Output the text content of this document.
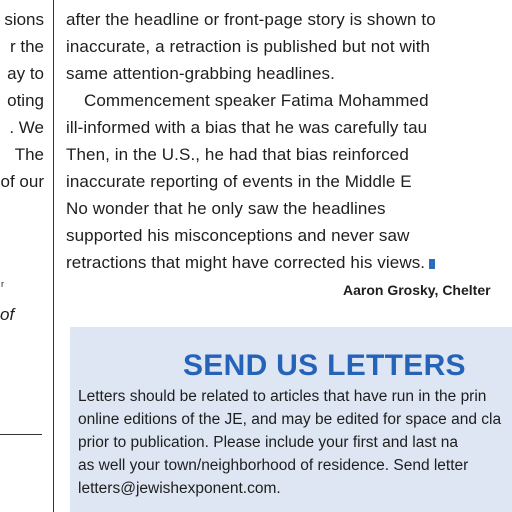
sions
r the
ay to
oting
. We
The
of our
r
of
after the headline or front-page story is shown to
inaccurate, a retraction is published but not with
same attention-grabbing headlines.
Commencement speaker Fatima Mohammed
ill-informed with a bias that he was carefully tau
Then, in the U.S., he had that bias reinforced
inaccurate reporting of events in the Middle E
No wonder that he only saw the headlines
supported his misconceptions and never saw
retractions that might have corrected his views.
Aaron Grosky, Chelter
SEND US LETTERS
Letters should be related to articles that have run in the prin
online editions of the JE, and may be edited for space and cla
prior to publication. Please include your first and last na
as well your town/neighborhood of residence. Send letter
letters@jewishexponent.com.
